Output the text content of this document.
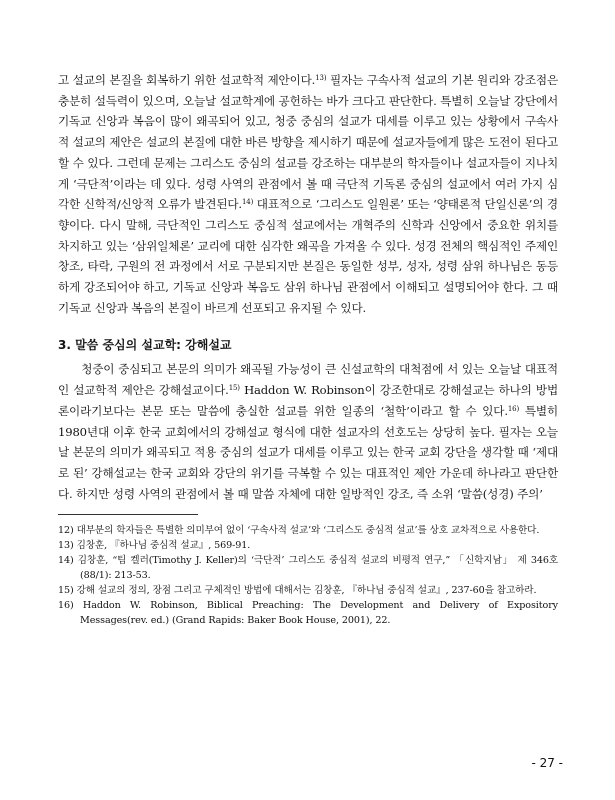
고 설교의 본질을 회복하기 위한 설교학적 제안이다.$^{13)}$ 필자는 구속사적 설교의 기본 원리와 강조점은 충분히 설득력이 있으며, 오늘날 설교학계에 공헌하는 바가 크다고 판단한다. 특별히 오늘날 강단에서 기독교 신앙과 복음이 많이 왜곡되어 있고, 청중 중심의 설교가 대세를 이루고 있는 상황에서 구속사적 설교의 제안은 설교의 본질에 대한 바른 방향을 제시하기 때문에 설교자들에게 많은 도전이 된다고 할 수 있다. 그런데 문제는 그리스도 중심의 설교를 강조하는 대부분의 학자들이나 설교자들이 지나치게 ‘극단적’이라는 데 있다. 성령 사역의 관점에서 볼 때 극단적 기독론 중심의 설교에서 여러 가지 심각한 신학적/신앙적 오류가 발견된다.$^{14)}$ 대표적으로 ‘그리스도 일원론’ 또는 ‘양태론적 단일신론’의 경향이다. 다시 말해, 극단적인 그리스도 중심적 설교에서는 개혁주의 신학과 신앙에서 중요한 위치를 차지하고 있는 ‘삼위일체론’ 교리에 대한 심각한 왜곡을 가져올 수 있다. 성경 전체의 핵심적인 주제인 창조, 타락, 구원의 전 과정에서 서로 구분되지만 본질은 동일한 성부, 성자, 성령 삼위 하나님은 동등하게 강조되어야 하고, 기독교 신앙과 복음도 삼위 하나님 관점에서 이해되고 설명되어야 한다. 그 때 기독교 신앙과 복음의 본질이 바르게 선포되고 유지될 수 있다.

3. 말씀 중심의 설교학: 강해설교

청중이 중심되고 본문의 의미가 왜곡될 가능성이 큰 신설교학의 대척점에 서 있는 오늘날 대표적인 설교학적 제안은 강해설교이다.$^{15)}$ Haddon W. Robinson이 강조한대로 강해설교는 하나의 방법론이라기보다는 본문 또는 말씀에 충실한 설교를 위한 일종의 ‘철학’이라고 할 수 있다.$^{16)}$ 특별히 1980년대 이후 한국 교회에서의 강해설교 형식에 대한 설교자의 선호도는 상당히 높다. 필자는 오늘날 본문의 의미가 왜곡되고 적용 중심의 설교가 대세를 이루고 있는 한국 교회 강단을 생각할 때 ‘제대로 된’ 강해설교는 한국 교회와 강단의 위기를 극복할 수 있는 대표적인 제안 가운데 하나라고 판단한다. 하지만 성령 사역의 관점에서 볼 때 말씀 자체에 대한 일방적인 강조, 즉 소위 ‘말씀(성경) 주의’

12) 대부분의 학자들은 특별한 의미부여 없이 ‘구속사적 설교’와 ‘그리스도 중심적 설교’를 상호 교차적으로 사용한다.
13) 김창훈, 『하나님 중심적 설교』, 569-91.
14) 김창훈, “팀 켈러(Timothy J. Keller)의 ‘극단적’ 그리스도 중심적 설교의 비평적 연구,” 「신학지남」 제 346호(88/1): 213-53.
15) 강해 설교의 정의, 장점 그리고 구체적인 방법에 대해서는 김창훈, 『하나님 중심적 설교』, 237-60을 참고하라.
16) Haddon W. Robinson, Biblical Preaching: The Development and Delivery of Expository Messages(rev. ed.) (Grand Rapids: Baker Book House, 2001), 22.
- 27 -
